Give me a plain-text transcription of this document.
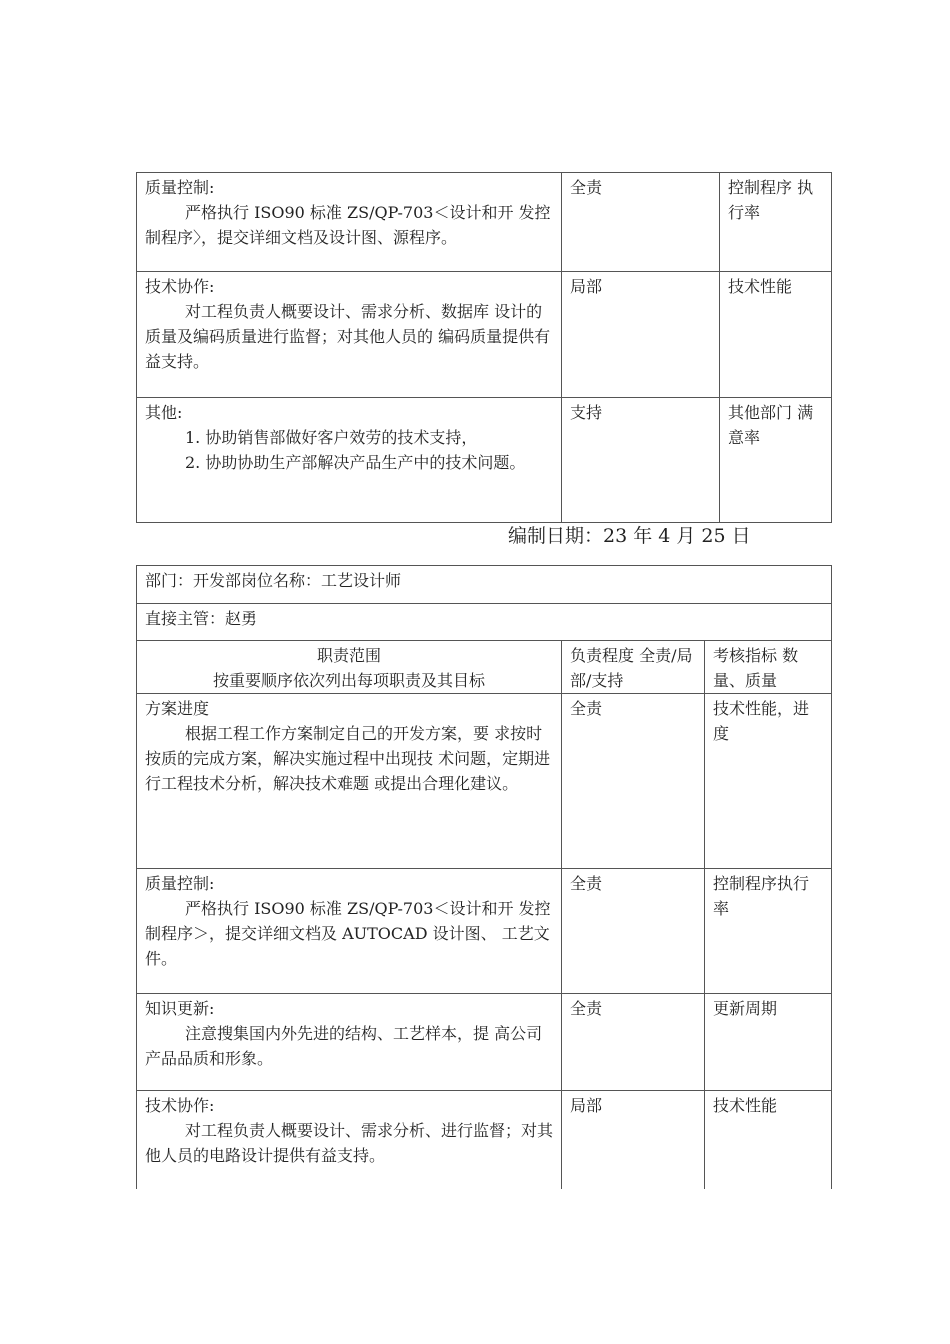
质量控制:
严格执行 ISO90 标准 ZS/QP-703＜设计和开 发控制程序〉，提交详细文档及设计图、源程序。	全责	控制程序 执行率

技术协作:
对工程负责人概要设计、需求分析、数据库 设计的质量及编码质量进行监督；对其他人员的 编码质量提供有益支持。	局部	技术性能

其他:
1. 协助销售部做好客户效劳的技术支持，
2. 协助协助生产部解决产品生产中的技术问题。	支持	其他部门 满意率
编制日期：23 年 4 月 25 日
部门：开发部岗位名称：工艺设计师		
直接主管：赵勇		

职责范围
按重要顺序依次列出每项职责及其目标	负责程度 全责/局部/支持	考核指标 数量、质量

方案进度
根据工程工作方案制定自己的开发方案，要 求按时按质的完成方案，解决实施过程中出现技 术问题，定期进行工程技术分析，解决技术难题 或提出合理化建议。	全责	技术性能，进度

质量控制:
严格执行 ISO90 标准 ZS/QP-703＜设计和开 发控制程序＞，提交详细文档及 AUTOCAD 设计图、 工艺文件。	全责	控制程序执行率

知识更新:
注意搜集国内外先进的结构、工艺样本，提 高公司产品品质和形象。	全责	更新周期

技术协作:
对工程负责人概要设计、需求分析、进行监督；对其他人员的电路设计提供有益支持。	局部	技术性能
